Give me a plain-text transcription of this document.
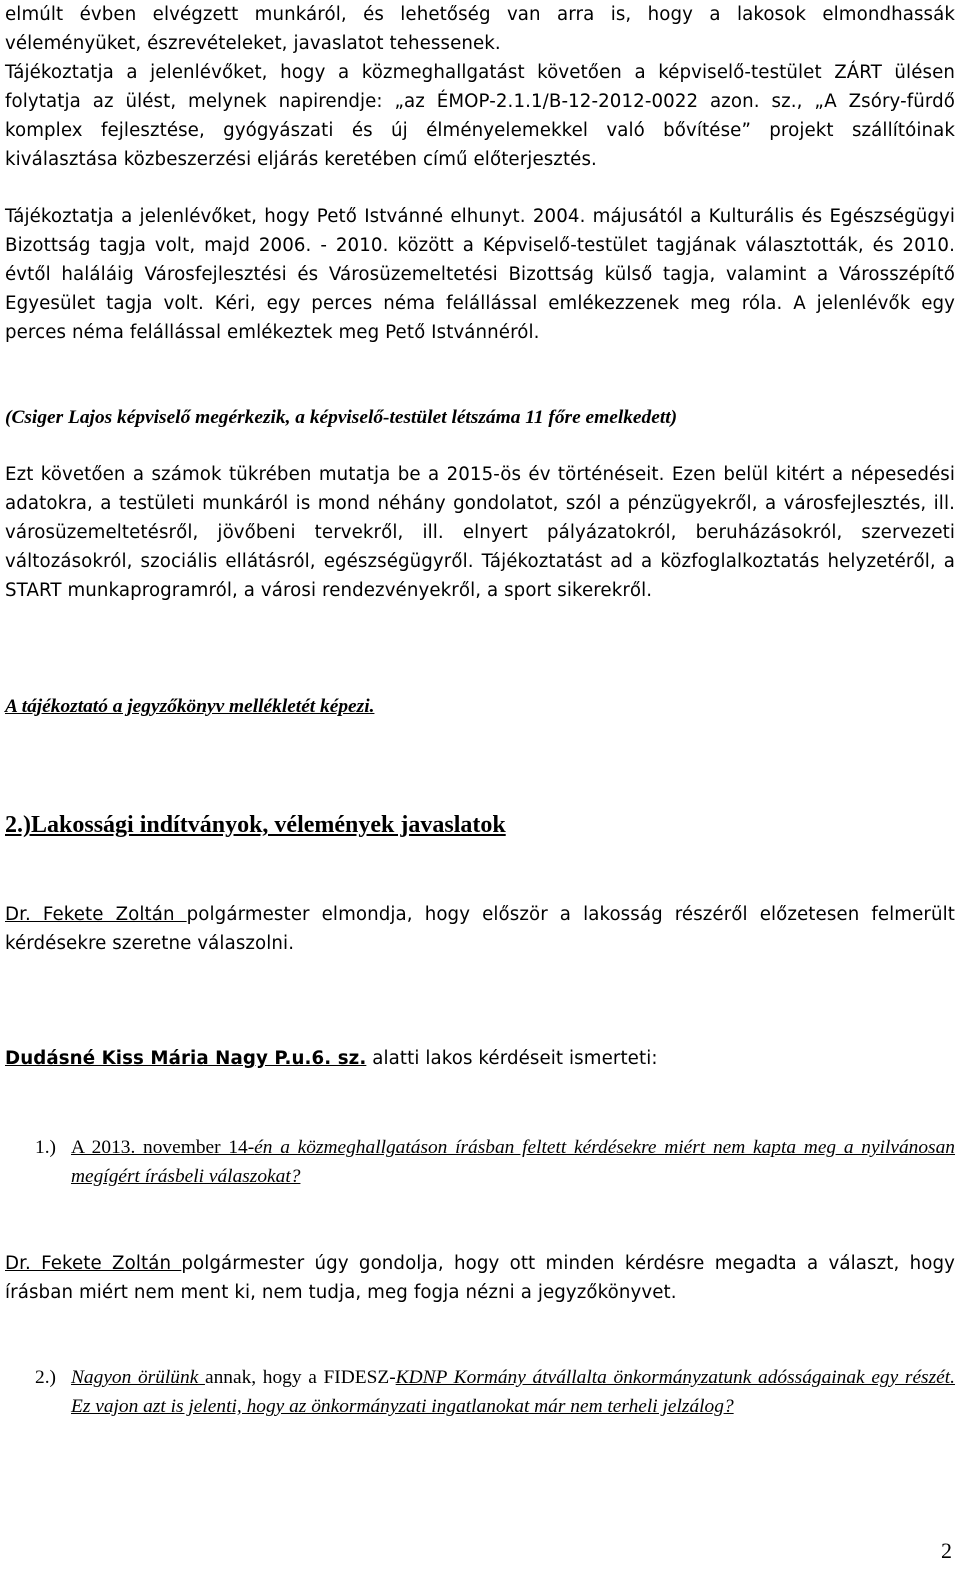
elmúlt évben elvégzett munkáról, és lehetőség van arra is, hogy a lakosok elmondhassák véleményüket, észrevételeket, javaslatot tehessenek.

Tájékoztatja a jelenlévőket, hogy a közmeghallgatást követően a képviselő-testület ZÁRT ülésen folytatja az ülést, melynek napirendje: „az ÉMOP-2.1.1/B-12-2012-0022 azon. sz., „A Zsóry-fürdő komplex fejlesztése, gyógyászati és új élményelemekkel való bővítése” projekt szállítóinak kiválasztása közbeszerzési eljárás keretében című előterjesztés.

Tájékoztatja a jelenlévőket, hogy Pető Istvánné elhunyt. 2004. májusától a Kulturális és Egészségügyi Bizottság tagja volt, majd 2006. - 2010. között a Képviselő-testület tagjának választották, és 2010. évtől haláláig Városfejlesztési és Városüzemeltetési Bizottság külső tagja, valamint a Városszépítő Egyesület tagja volt. Kéri, egy perces néma felállással emlékezzenek meg róla. A jelenlévők egy perces néma felállással emlékeztek meg Pető Istvánnéról.

(Csiger Lajos képviselő megérkezik, a képviselő-testület létszáma 11 főre emelkedett)

Ezt követően a számok tükrében mutatja be a 2015-ös év történéseit. Ezen belül kitért a népesedési adatokra, a testületi munkáról is mond néhány gondolatot, szól a pénzügyekről, a városfejlesztés, ill. városüzemeltetésről, jövőbeni tervekről, ill. elnyert pályázatokról, beruházásokról, szervezeti változásokról, szociális ellátásról, egészségügyről. Tájékoztatást ad a közfoglalkoztatás helyzetéről, a START munkaprogramról, a városi rendezvényekről, a sport sikerekről.

A tájékoztató a jegyzőkönyv mellékletét képezi.

2.)Lakossági indítványok, vélemények javaslatok

Dr. Fekete Zoltán polgármester elmondja, hogy először a lakosság részéről előzetesen felmerült kérdésekre szeretne válaszolni.

Dudásné Kiss Mária Nagy P.u.6. sz. alatti lakos kérdéseit ismerteti:

1.) A 2013. november 14-én a közmeghallgatáson írásban feltett kérdésekre miért nem kapta meg a nyilvánosan megígért írásbeli válaszokat?

Dr. Fekete Zoltán polgármester úgy gondolja, hogy ott minden kérdésre megadta a választ, hogy írásban miért nem ment ki, nem tudja, meg fogja nézni a jegyzőkönyvet.

2.) Nagyon örülünk annak, hogy a FIDESZ-KDNP Kormány átvállalta önkormányzatunk adósságainak egy részét. Ez vajon azt is jelenti, hogy az önkormányzati ingatlanokat már nem terheli jelzálog?

2
